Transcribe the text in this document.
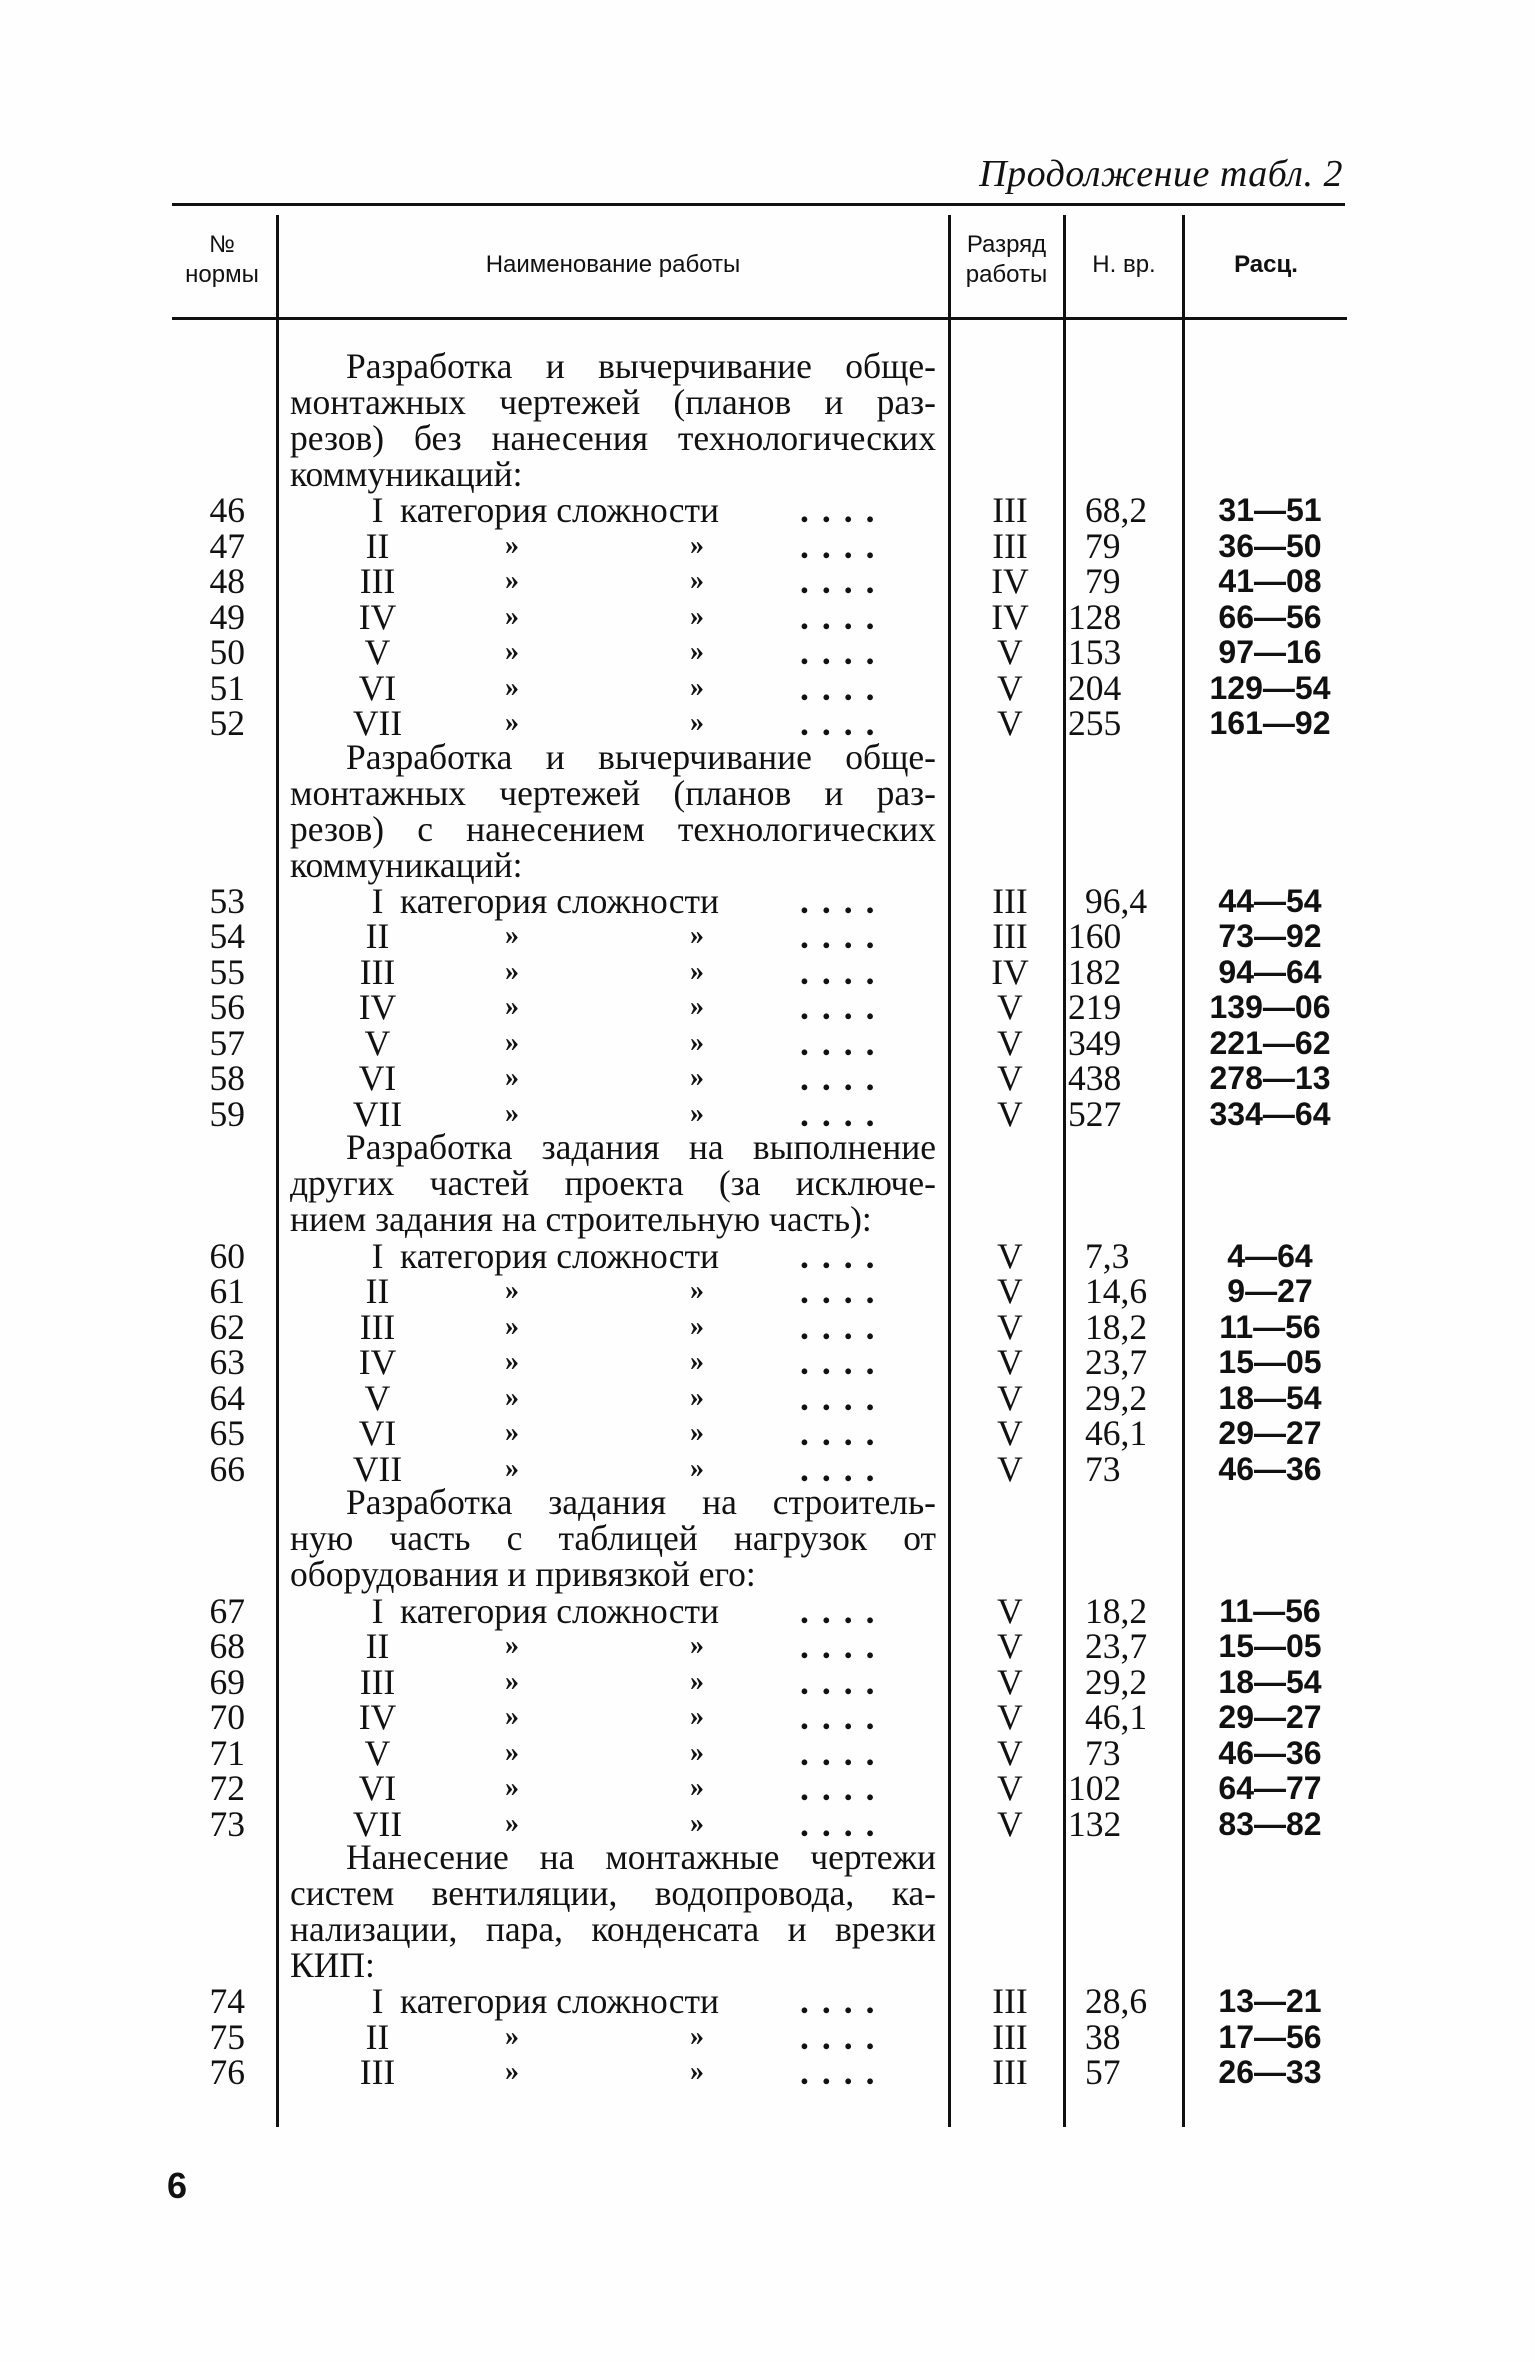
Продолжение табл. 2
№
нормы	Наименование работы
Разряд
работы	Н. вр.	Расц.
Разработка и вычерчивание обще-
монтажных чертежей (планов и раз-
резов) без нанесения технологических
коммуникаций:
46	I категория сложности ....	III	68,2	31—51
47	II	»	»	....	III	79	36—50
48	III	»	»	....	IV	79	41—08
49	IV	»	»	....	IV	128	66—56
50	V	»	»	....	V	153	97—16
51	VI	»	»	....	V	204	129—54
52	VII	»	»	....	V	255	161—92
Разработка и вычерчивание обще-
монтажных чертежей (планов и раз-
резов) с нанесением технологических
коммуникаций:
53	I категория сложности ....	III	96,4	44—54
54	II	»	»	....	III	160	73—92
55	III	»	»	....	IV	182	94—64
56	IV	»	»	....	V	219	139—06
57	V	»	»	....	V	349	221—62
58	VI	»	»	....	V	438	278—13
59	VII	»	»	....	V	527	334—64
Разработка задания на выполнение
других частей проекта (за исключе-
нием задания на строительную часть):
60	I категория сложности ....	V	7,3	4—64
61	II	»	»	....	V	14,6	9—27
62	III	»	»	....	V	18,2	11—56
63	IV	»	»	....	V	23,7	15—05
64	V	»	»	....	V	29,2	18—54
65	VI	»	»	....	V	46,1	29—27
66	VII	»	»	....	V	73	46—36
Разработка задания на строитель-
ную часть с таблицей нагрузок от
оборудования и привязкой его:
67	I категория сложности ....	V	18,2	11—56
68	II	»	»	....	V	23,7	15—05
69	III	»	»	....	V	29,2	18—54
70	IV	»	»	....	V	46,1	29—27
71	V	»	»	....	V	73	46—36
72	VI	»	»	....	V	102	64—77
73	VII	»	»	....	V	132	83—82
Нанесение на монтажные чертежи
систем вентиляции, водопровода, ка-
нализации, пара, конденсата и врезки
КИП:
74	I категория сложности ....	III	28,6	13—21
75	II	»	»	....	III	38	17—56
76	III	»	»	....	III	57	26—33
6
